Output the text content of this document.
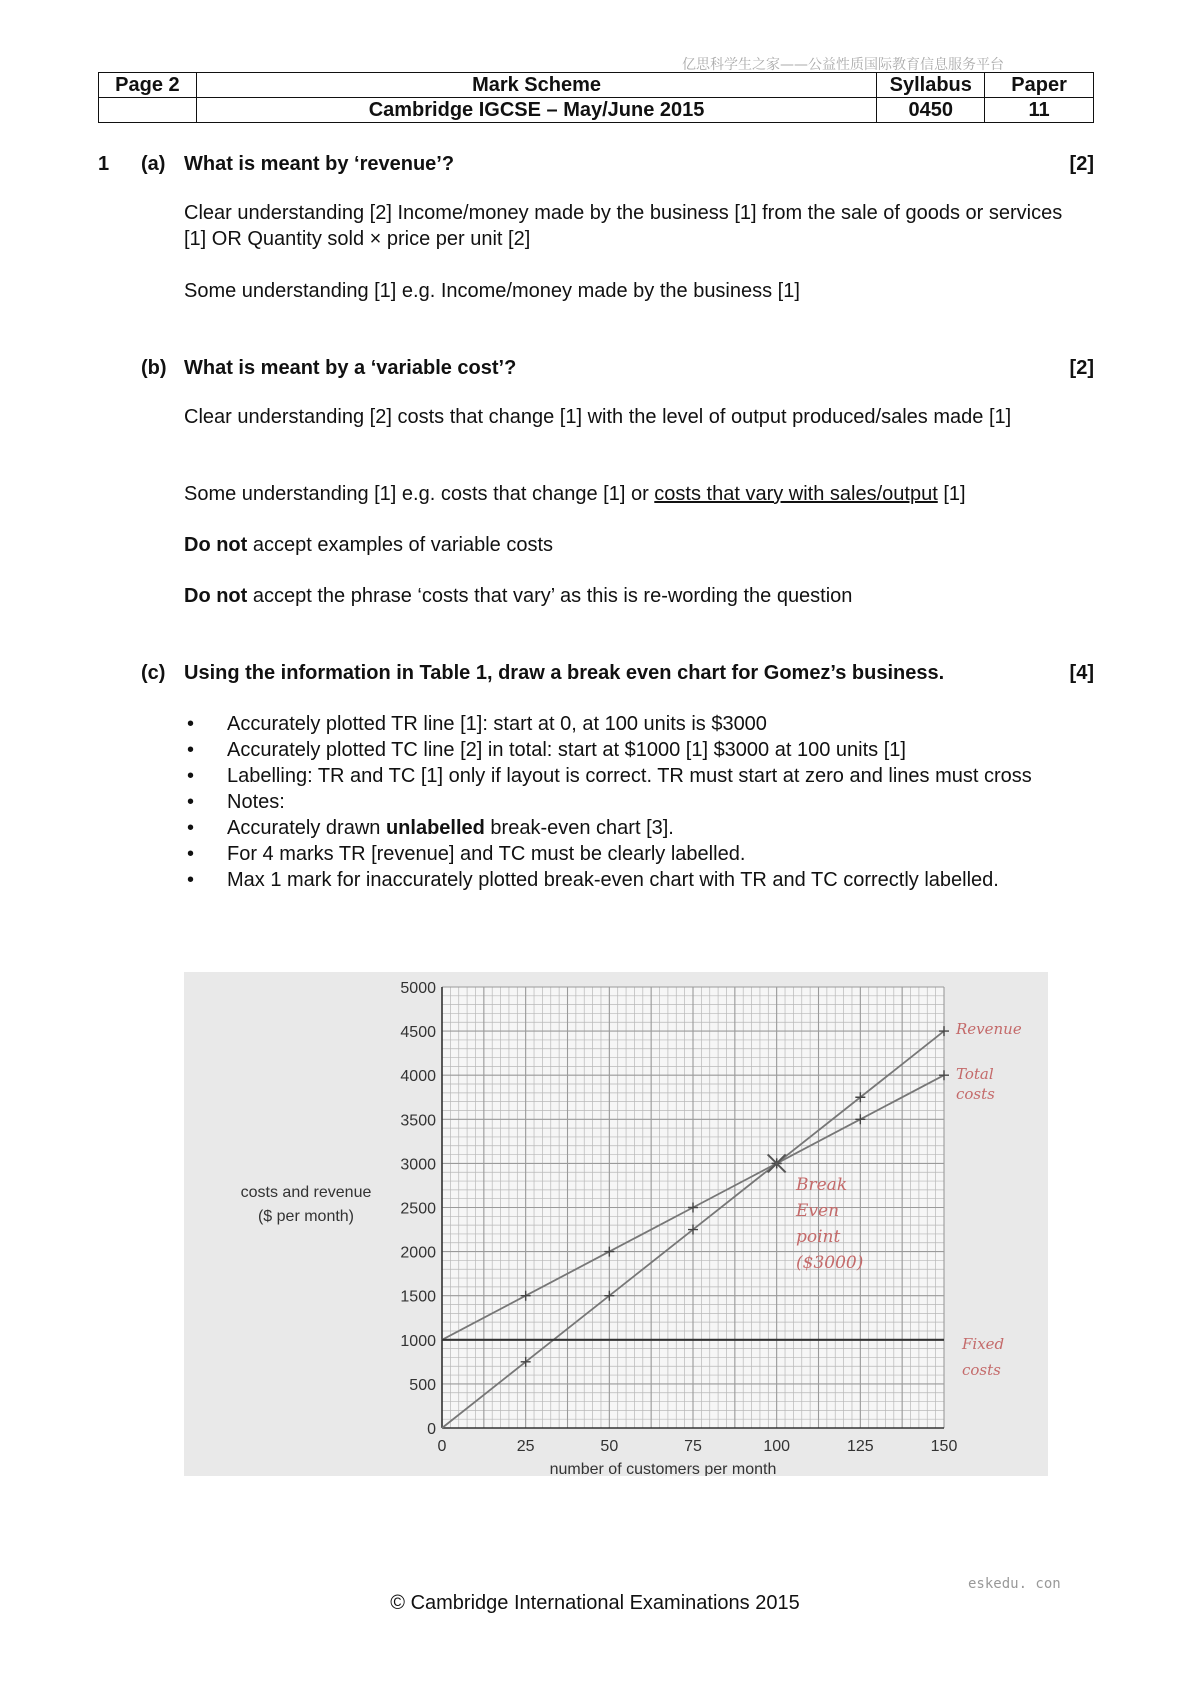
亿思科学生之家——公益性质国际教育信息服务平台
Page 2	Mark Scheme	Syllabus	Paper
	Cambridge IGCSE – May/June 2015	0450	11
1 (a) What is meant by ‘revenue’?	[2]
Clear understanding [2] Income/money made by the business [1] from the sale of goods or services [1] OR Quantity sold × price per unit [2]
Some understanding [1] e.g. Income/money made by the business [1]
(b) What is meant by a ‘variable cost’?	[2]
Clear understanding [2] costs that change [1] with the level of output produced/sales made [1]
Some understanding [1] e.g. costs that change [1] or costs that vary with sales/output [1]
Do not accept examples of variable costs
Do not accept the phrase ‘costs that vary’ as this is re-wording the question
(c) Using the information in Table 1, draw a break even chart for Gomez’s business.	[4]
• Accurately plotted TR line [1]: start at 0, at 100 units is $3000
• Accurately plotted TC line [2] in total: start at $1000 [1] $3000 at 100 units [1]
• Labelling: TR and TC [1] only if layout is correct. TR must start at zero and lines must cross
• Notes:
• Accurately drawn unlabelled break-even chart [3].
• For 4 marks TR [revenue] and TC must be clearly labelled.
• Max 1 mark for inaccurately plotted break-even chart with TR and TC correctly labelled.
0
500
1000
1500
2000
2500
3000
3500
4000
4500
5000
0	25	50	75	100	125	150
costs and revenue
($ per month)
number of customers per month
Revenue
Total
costs
Break
Even
point
($3000)
Fixed
costs
eskedu. con
© Cambridge International Examinations 2015
